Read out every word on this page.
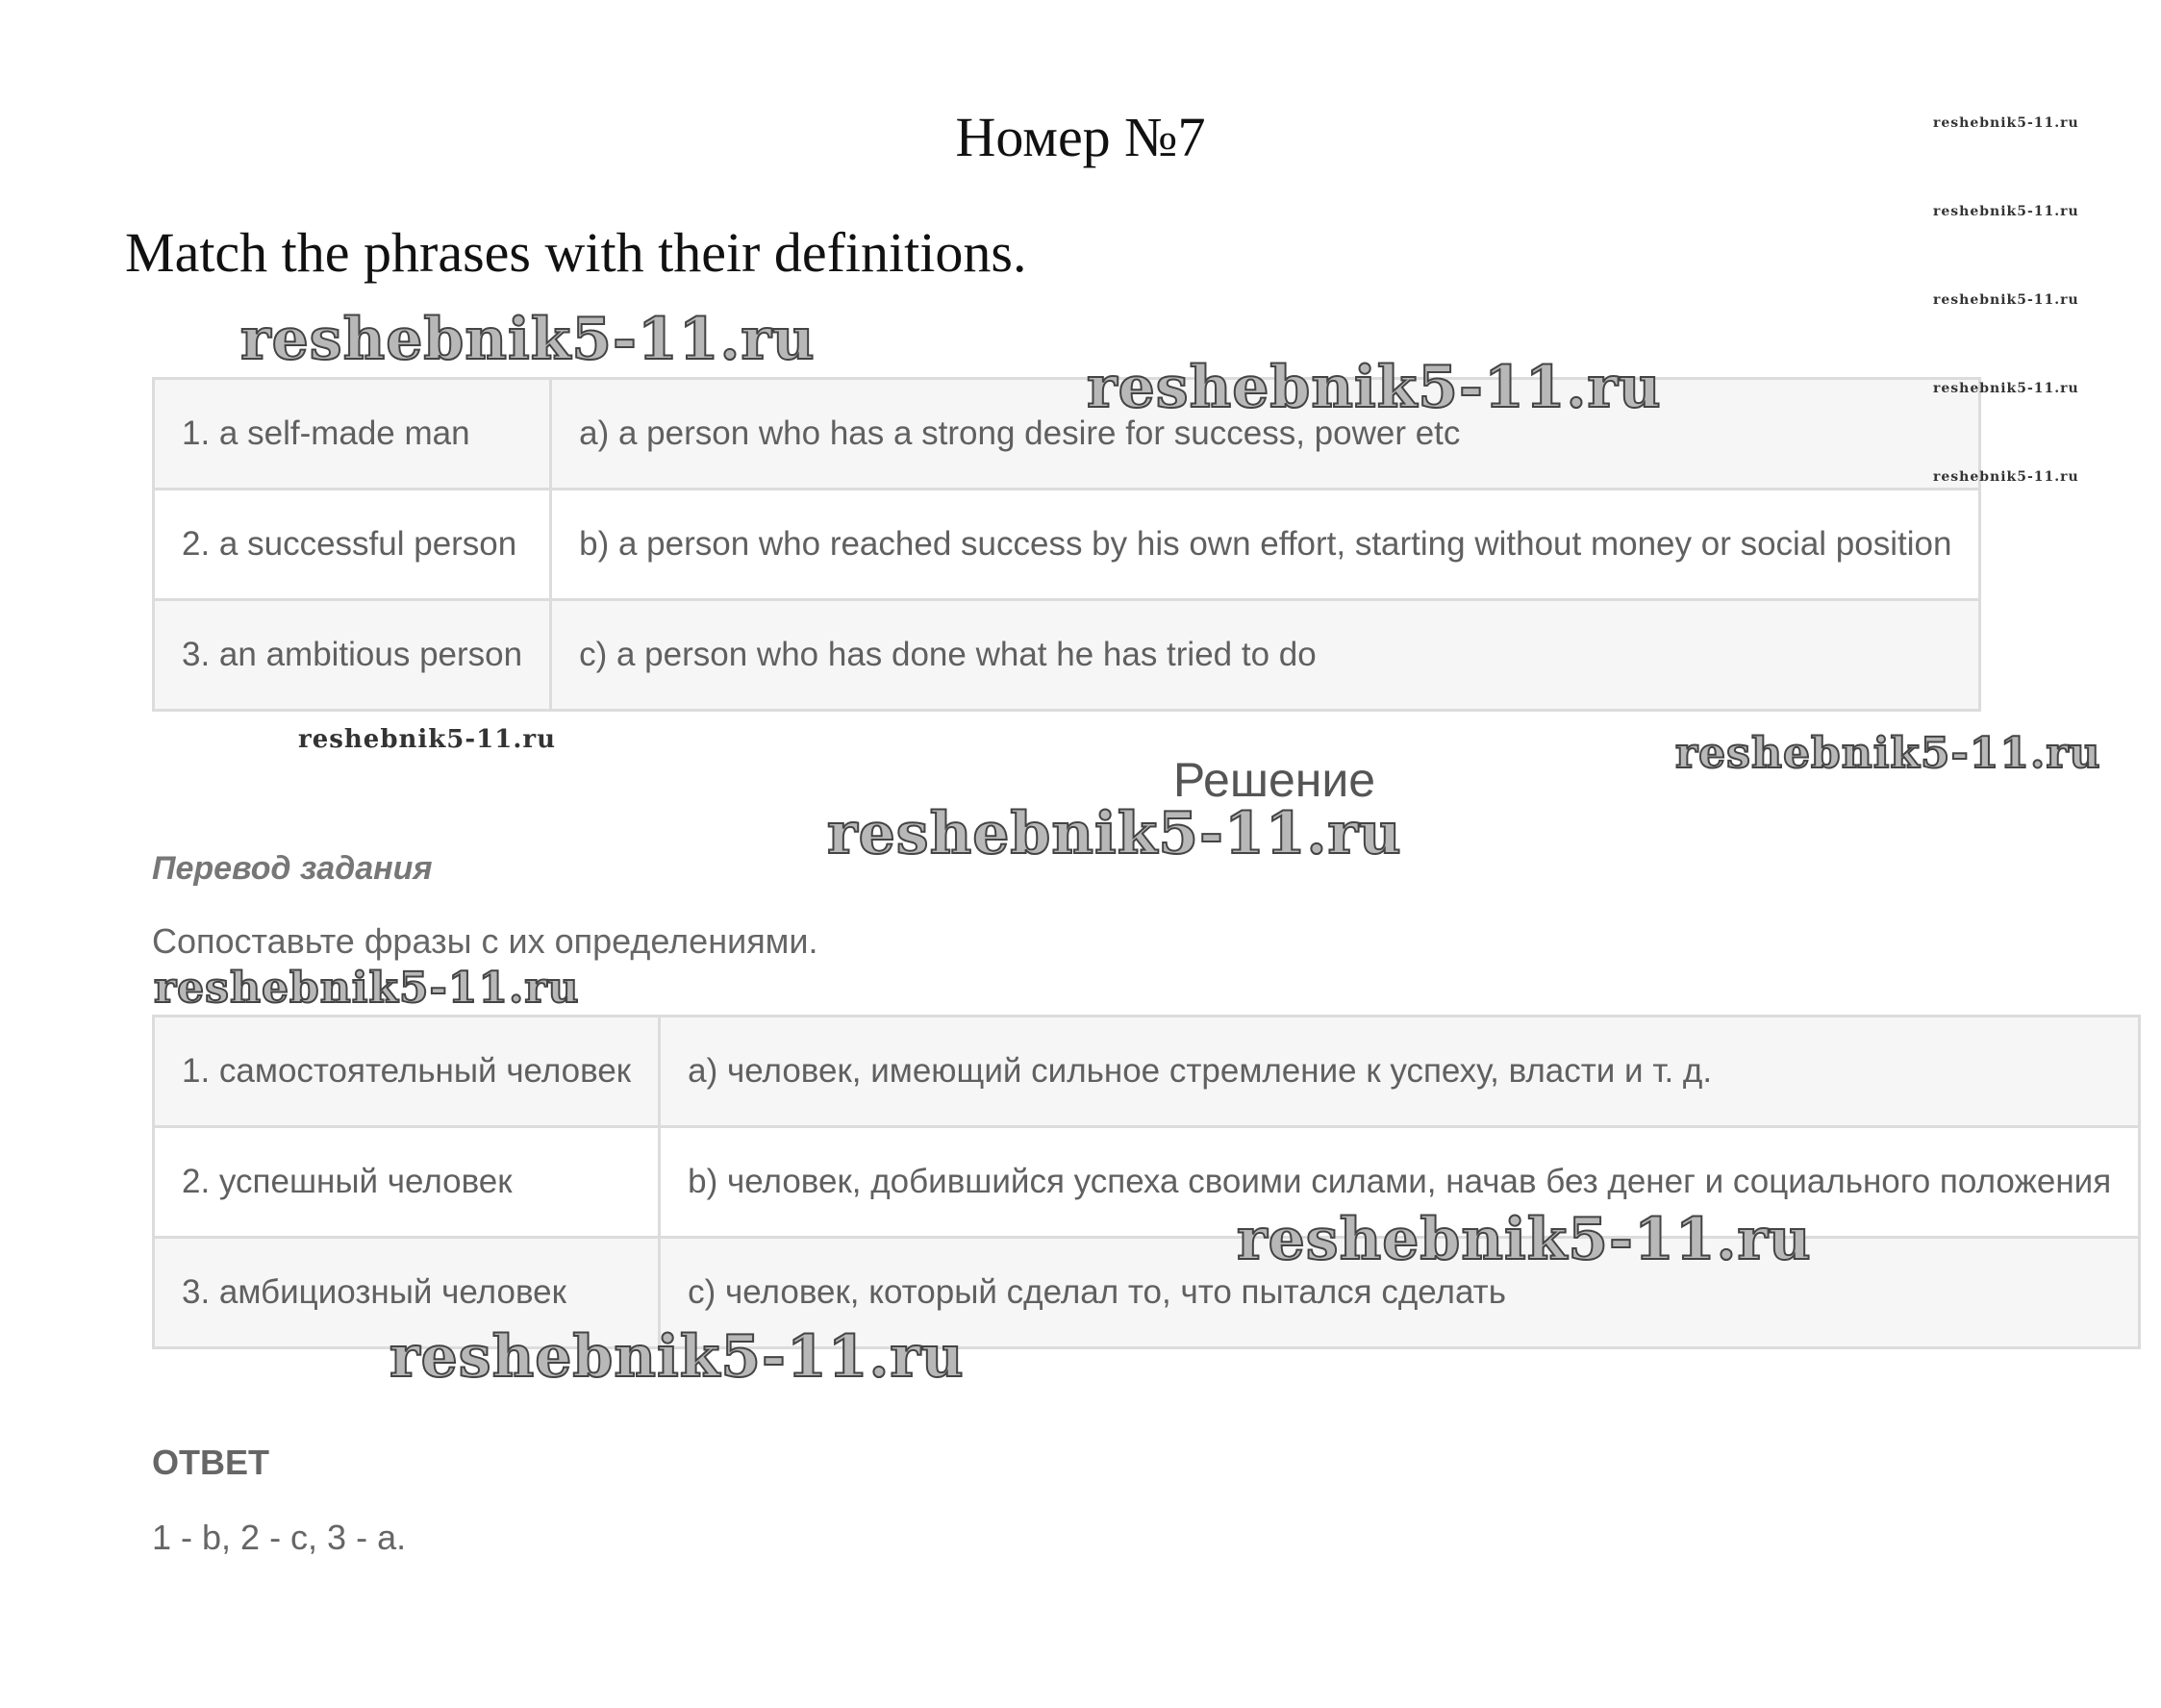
Номер №7
Match the phrases with their definitions.
1. a self-made man	a) a person who has a strong desire for success, power etc
2. a successful person	b) a person who reached success by his own effort, starting without money or social position
3. an ambitious person	c) a person who has done what he has tried to do
Решение
Перевод задания
Сопоставьте фразы с их определениями.
1. самостоятельный человек	а) человек, имеющий сильное стремление к успеху, власти и т. д.
2. успешный человек	b) человек, добившийся успеха своими силами, начав без денег и социального положения
3. амбициозный человек	c) человек, который сделал то, что пытался сделать
ОТВЕТ
1 - b, 2 - c, 3 - a.
reshebnik5-11.ru
reshebnik5-11.ru
reshebnik5-11.ru	reshebnik5-11.ru
reshebnik5-11.ru
reshebnik5-11.ru
reshebnik5-11.ru
reshebnik5-11.ru
reshebnik5-11.ru
reshebnik5-11.ru
reshebnik5-11.ru
reshebnik5-11.ru
reshebnik5-11.ru
